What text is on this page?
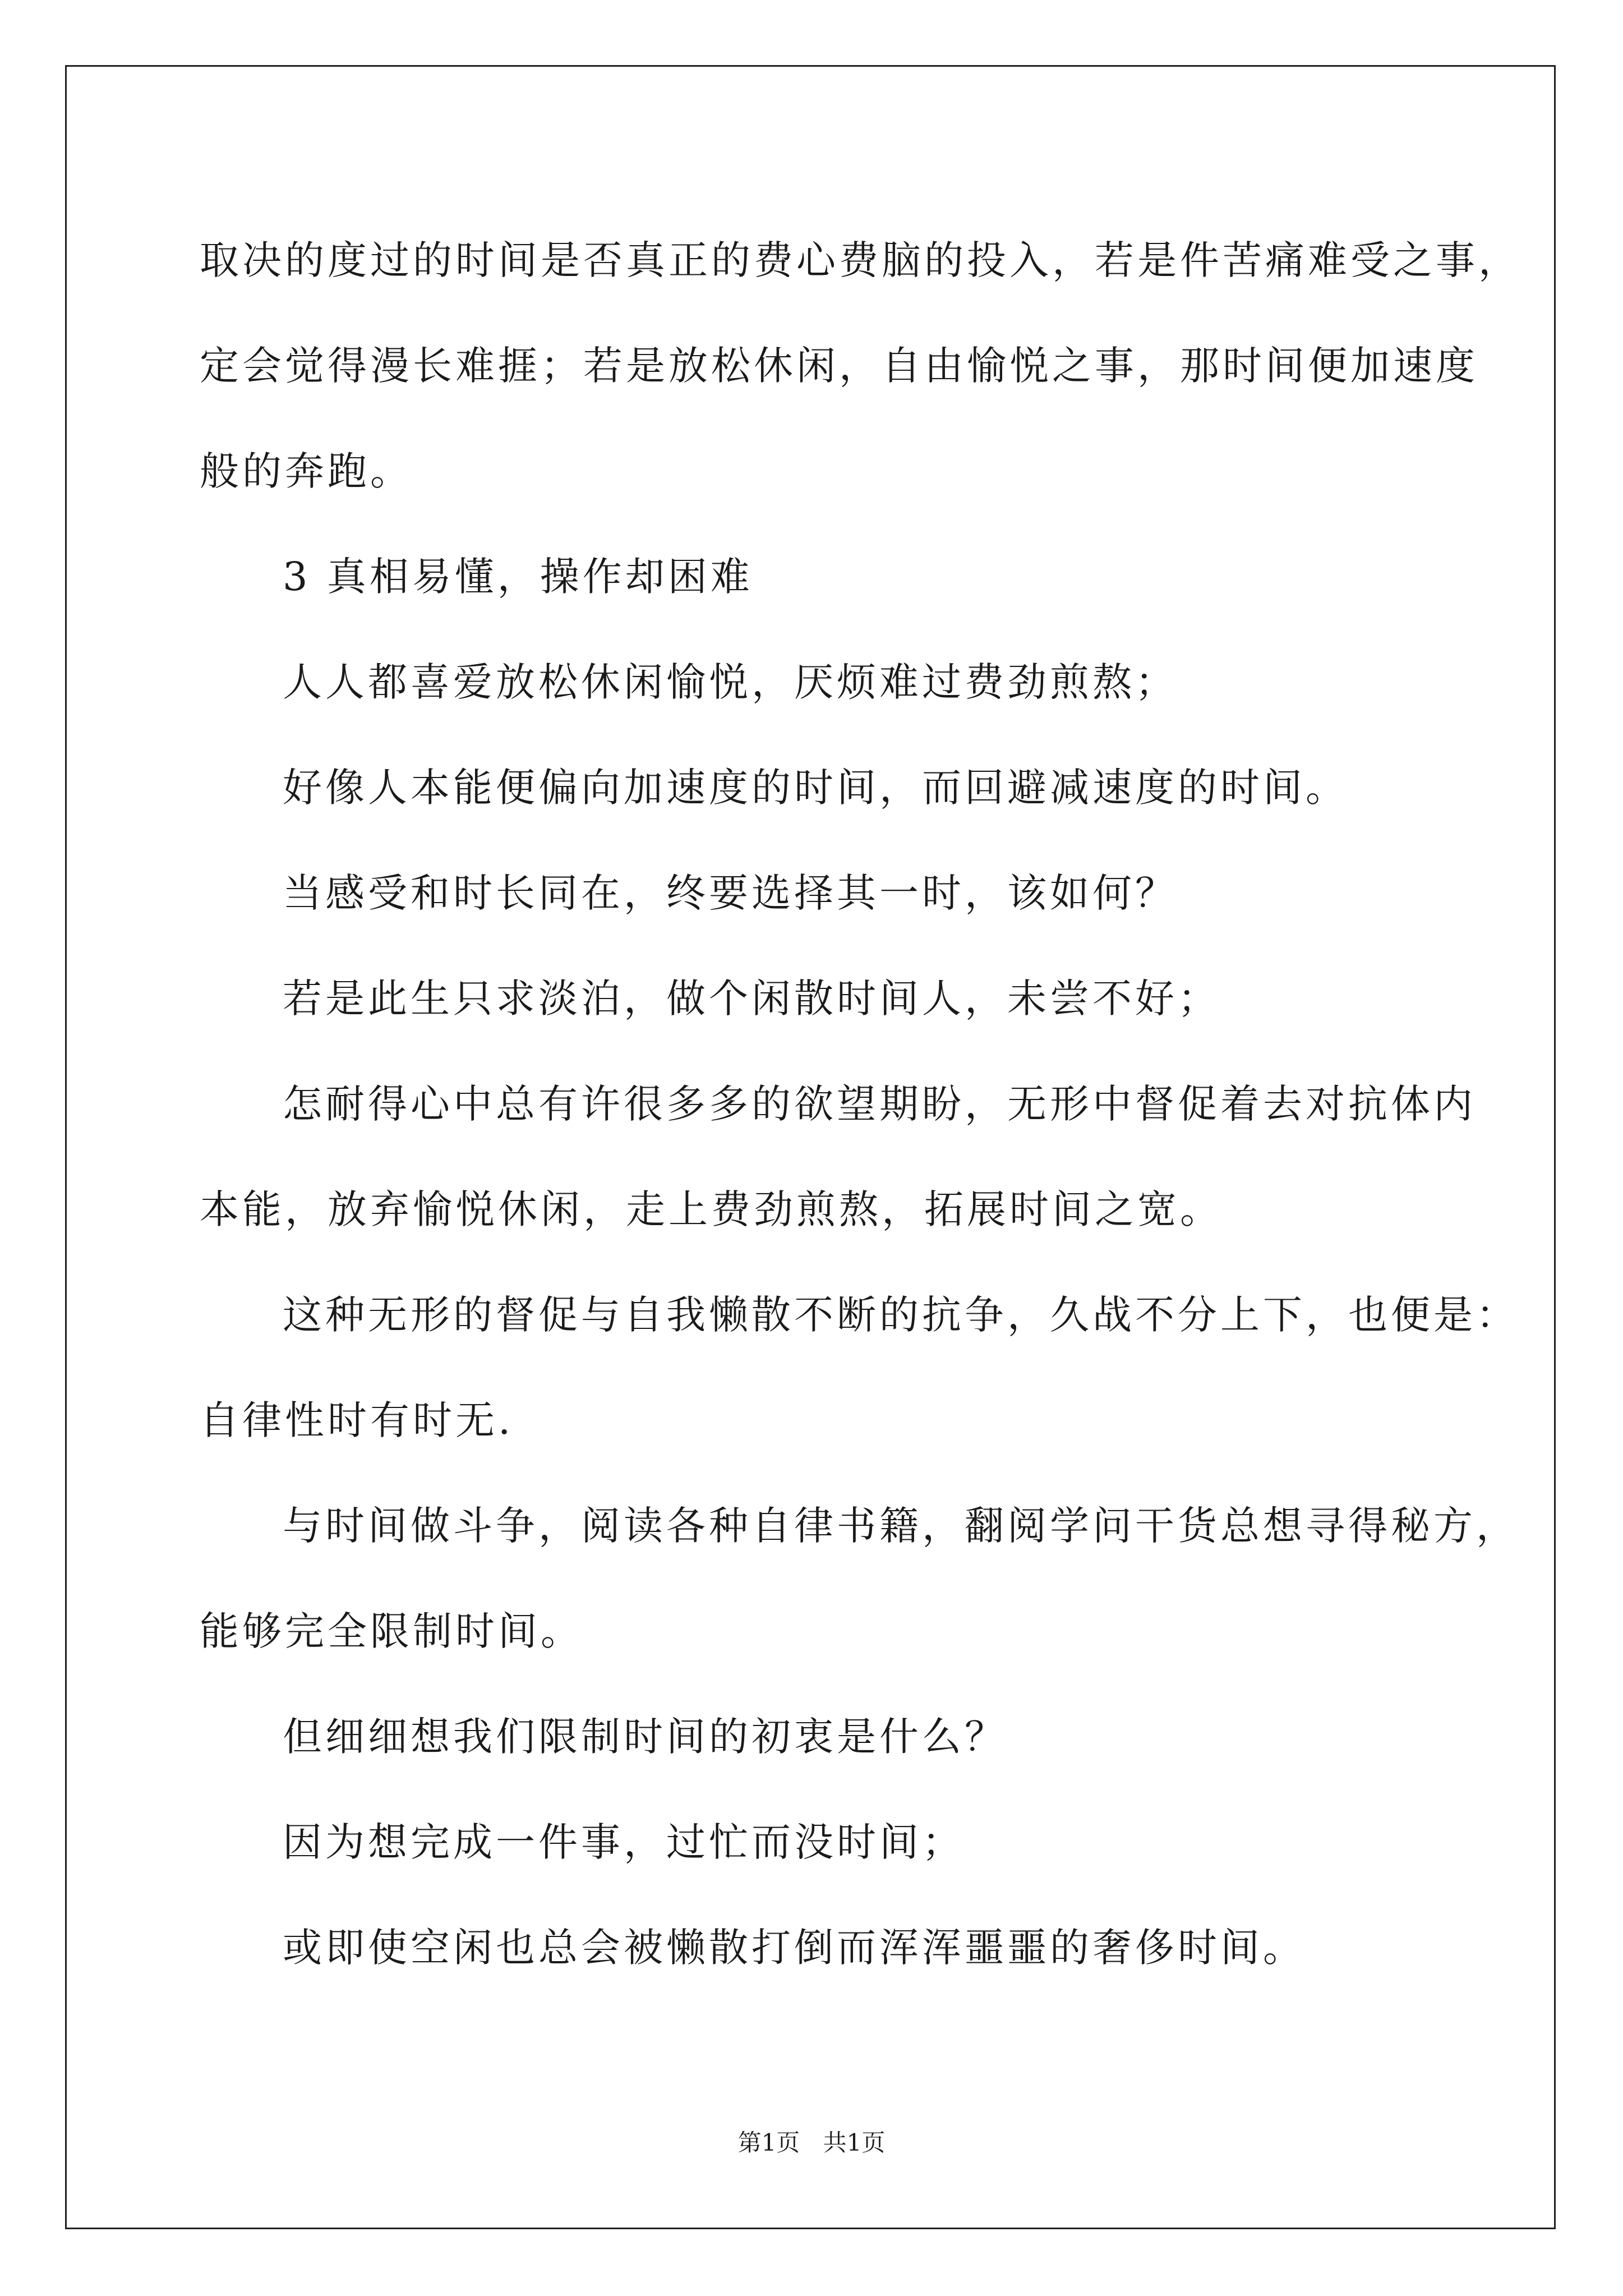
取决的度过的时间是否真正的费心费脑的投入，若是件苦痛难受之事，

定会觉得漫长难捱；若是放松休闲，自由愉悦之事，那时间便加速度

般的奔跑。

3 真相易懂，操作却困难

人人都喜爱放松休闲愉悦，厌烦难过费劲煎熬；

好像人本能便偏向加速度的时间，而回避减速度的时间。

当感受和时长同在，终要选择其一时，该如何？

若是此生只求淡泊，做个闲散时间人，未尝不好；

怎耐得心中总有许很多多的欲望期盼，无形中督促着去对抗体内

本能，放弃愉悦休闲，走上费劲煎熬，拓展时间之宽。

这种无形的督促与自我懒散不断的抗争，久战不分上下，也便是：

自律性时有时无.

与时间做斗争，阅读各种自律书籍，翻阅学问干货总想寻得秘方，

能够完全限制时间。

但细细想我们限制时间的初衷是什么？

因为想完成一件事，过忙而没时间；

或即使空闲也总会被懒散打倒而浑浑噩噩的奢侈时间。

第1页 共1页
